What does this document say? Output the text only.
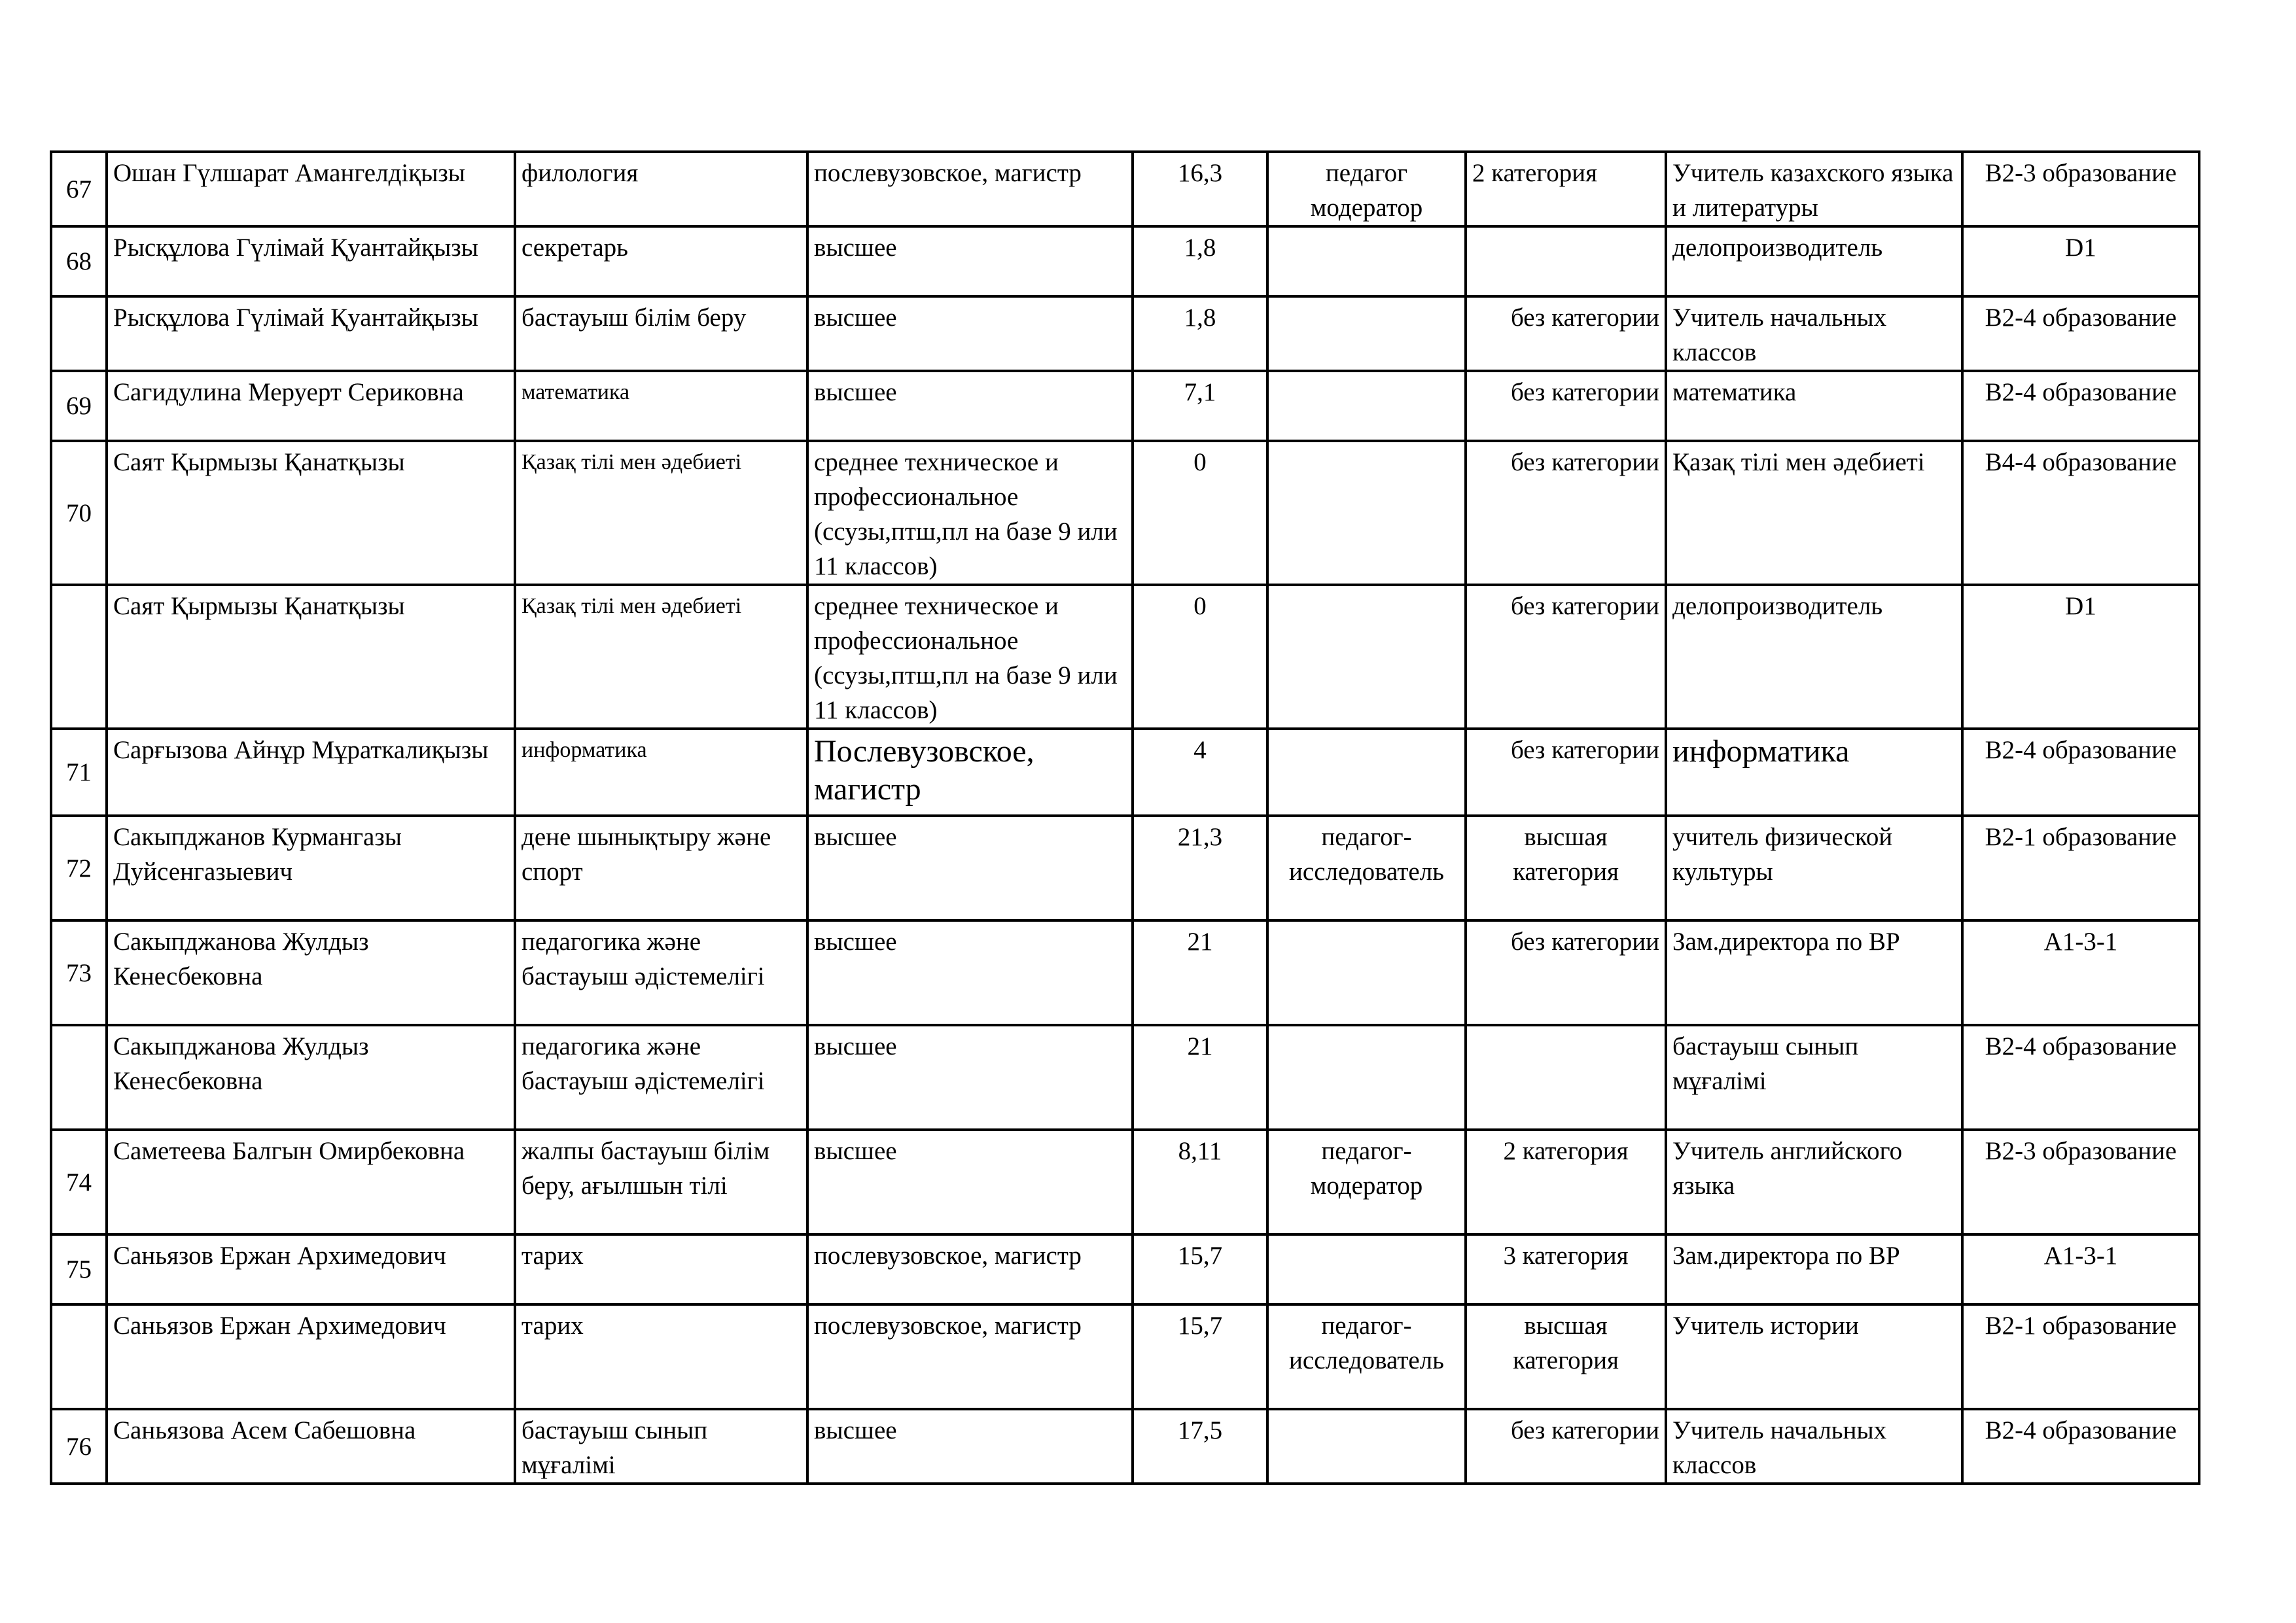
67	Ошан Гүлшарат Амангелдіқызы	филология	послевузовское, магистр	16,3	педагог модератор	2 категория	Учитель казахского языка и литературы	B2-3 образование
68	Рысқұлова Гүлімай Қуантайқызы	секретарь	высшее	1,8			делопроизводитель	D1
	Рысқұлова Гүлімай Қуантайқызы	бастауыш білім беру	высшее	1,8		без категории	Учитель начальных классов	B2-4 образование
69	Сагидулина Меруерт Сериковна	математика	высшее	7,1		без категории	математика	B2-4 образование
70	Саят Қырмызы Қанатқызы	Қазақ тілі мен әдебиеті	среднее техническое и профессиональное (ссузы,птш,пл на базе 9 или 11 классов)	0		без категории	Қазақ тілі мен әдебиеті	B4-4 образование
	Саят Қырмызы Қанатқызы	Қазақ тілі мен әдебиеті	среднее техническое и профессиональное (ссузы,птш,пл на базе 9 или 11 классов)	0		без категории	делопроизводитель	D1
71	Сарғызова Айнұр Мұраткалиқызы	информатика	Послевузовское, магистр	4		без категории	информатика	B2-4 образование
72	Сакыпджанов Курмангазы Дуйсенгазыевич	дене шынықтыру және спорт	высшее	21,3	педагог-исследователь	высшая категория	учитель физической культуры	B2-1 образование
73	Сакыпджанова Жулдыз Кенесбековна	педагогика және бастауыш әдістемелігі	высшее	21		без категории	Зам.директора по ВР	A1-3-1
	Сакыпджанова Жулдыз Кенесбековна	педагогика және бастауыш әдістемелігі	высшее	21			бастауыш сынып мұғалімі	B2-4 образование
74	Саметеева Балгын Омирбековна	жалпы бастауыш білім беру, ағылшын тілі	высшее	8,11	педагог-модератор	2 категория	Учитель английского языка	B2-3 образование
75	Саньязов Ержан Архимедович	тарих	послевузовское, магистр	15,7		3 категория	Зам.директора по ВР	A1-3-1
	Саньязов Ержан Архимедович	тарих	послевузовское, магистр	15,7	педагог-исследователь	высшая категория	Учитель истории	B2-1 образование
76	Саньязова Асем Сабешовна	бастауыш сынып мұғалімі	высшее	17,5		без категории	Учитель начальных классов	B2-4 образование
